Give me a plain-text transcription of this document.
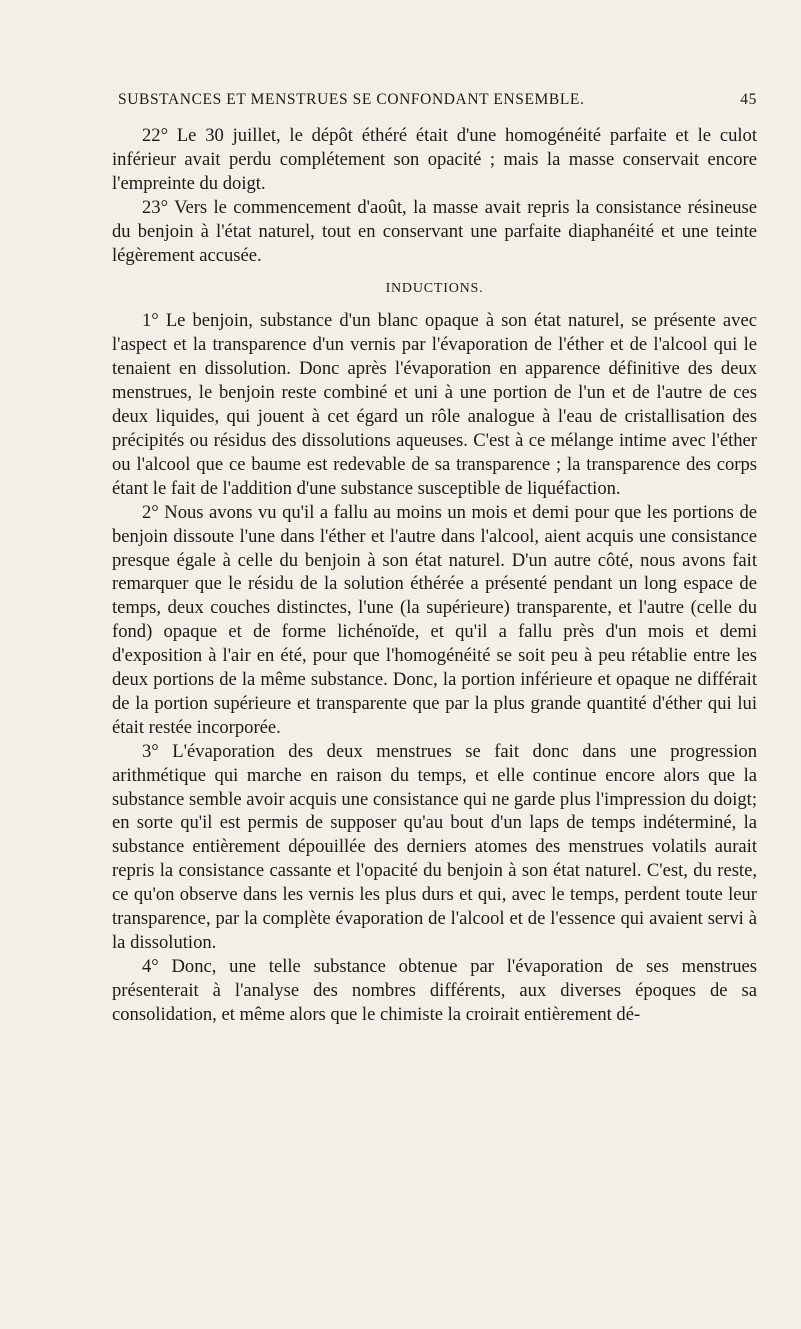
SUBSTANCES ET MENSTRUES SE CONFONDANT ENSEMBLE.	45

22° Le 30 juillet, le dépôt éthéré était d'une homogénéité parfaite et le culot inférieur avait perdu complétement son opacité ; mais la masse conservait encore l'empreinte du doigt.

23° Vers le commencement d'août, la masse avait repris la consistance résineuse du benjoin à l'état naturel, tout en conservant une parfaite diaphanéité et une teinte légèrement accusée.

INDUCTIONS.

1° Le benjoin, substance d'un blanc opaque à son état naturel, se présente avec l'aspect et la transparence d'un vernis par l'évaporation de l'éther et de l'alcool qui le tenaient en dissolution. Donc après l'évaporation en apparence définitive des deux menstrues, le benjoin reste combiné et uni à une portion de l'un et de l'autre de ces deux liquides, qui jouent à cet égard un rôle analogue à l'eau de cristallisation des précipités ou résidus des dissolutions aqueuses. C'est à ce mélange intime avec l'éther ou l'alcool que ce baume est redevable de sa transparence ; la transparence des corps étant le fait de l'addition d'une substance susceptible de liquéfaction.

2° Nous avons vu qu'il a fallu au moins un mois et demi pour que les portions de benjoin dissoute l'une dans l'éther et l'autre dans l'alcool, aient acquis une consistance presque égale à celle du benjoin à son état naturel. D'un autre côté, nous avons fait remarquer que le résidu de la solution éthérée a présenté pendant un long espace de temps, deux couches distinctes, l'une (la supérieure) transparente, et l'autre (celle du fond) opaque et de forme lichénoïde, et qu'il a fallu près d'un mois et demi d'exposition à l'air en été, pour que l'homogénéité se soit peu à peu rétablie entre les deux portions de la même substance. Donc, la portion inférieure et opaque ne différait de la portion supérieure et transparente que par la plus grande quantité d'éther qui lui était restée incorporée.

3° L'évaporation des deux menstrues se fait donc dans une progression arithmétique qui marche en raison du temps, et elle continue encore alors que la substance semble avoir acquis une consistance qui ne garde plus l'impression du doigt; en sorte qu'il est permis de supposer qu'au bout d'un laps de temps indéterminé, la substance entièrement dépouillée des derniers atomes des menstrues volatils aurait repris la consistance cassante et l'opacité du benjoin à son état naturel. C'est, du reste, ce qu'on observe dans les vernis les plus durs et qui, avec le temps, perdent toute leur transparence, par la complète évaporation de l'alcool et de l'essence qui avaient servi à la dissolution.

4° Donc, une telle substance obtenue par l'évaporation de ses menstrues présenterait à l'analyse des nombres différents, aux diverses époques de sa consolidation, et même alors que le chimiste la croirait entièrement dé-
